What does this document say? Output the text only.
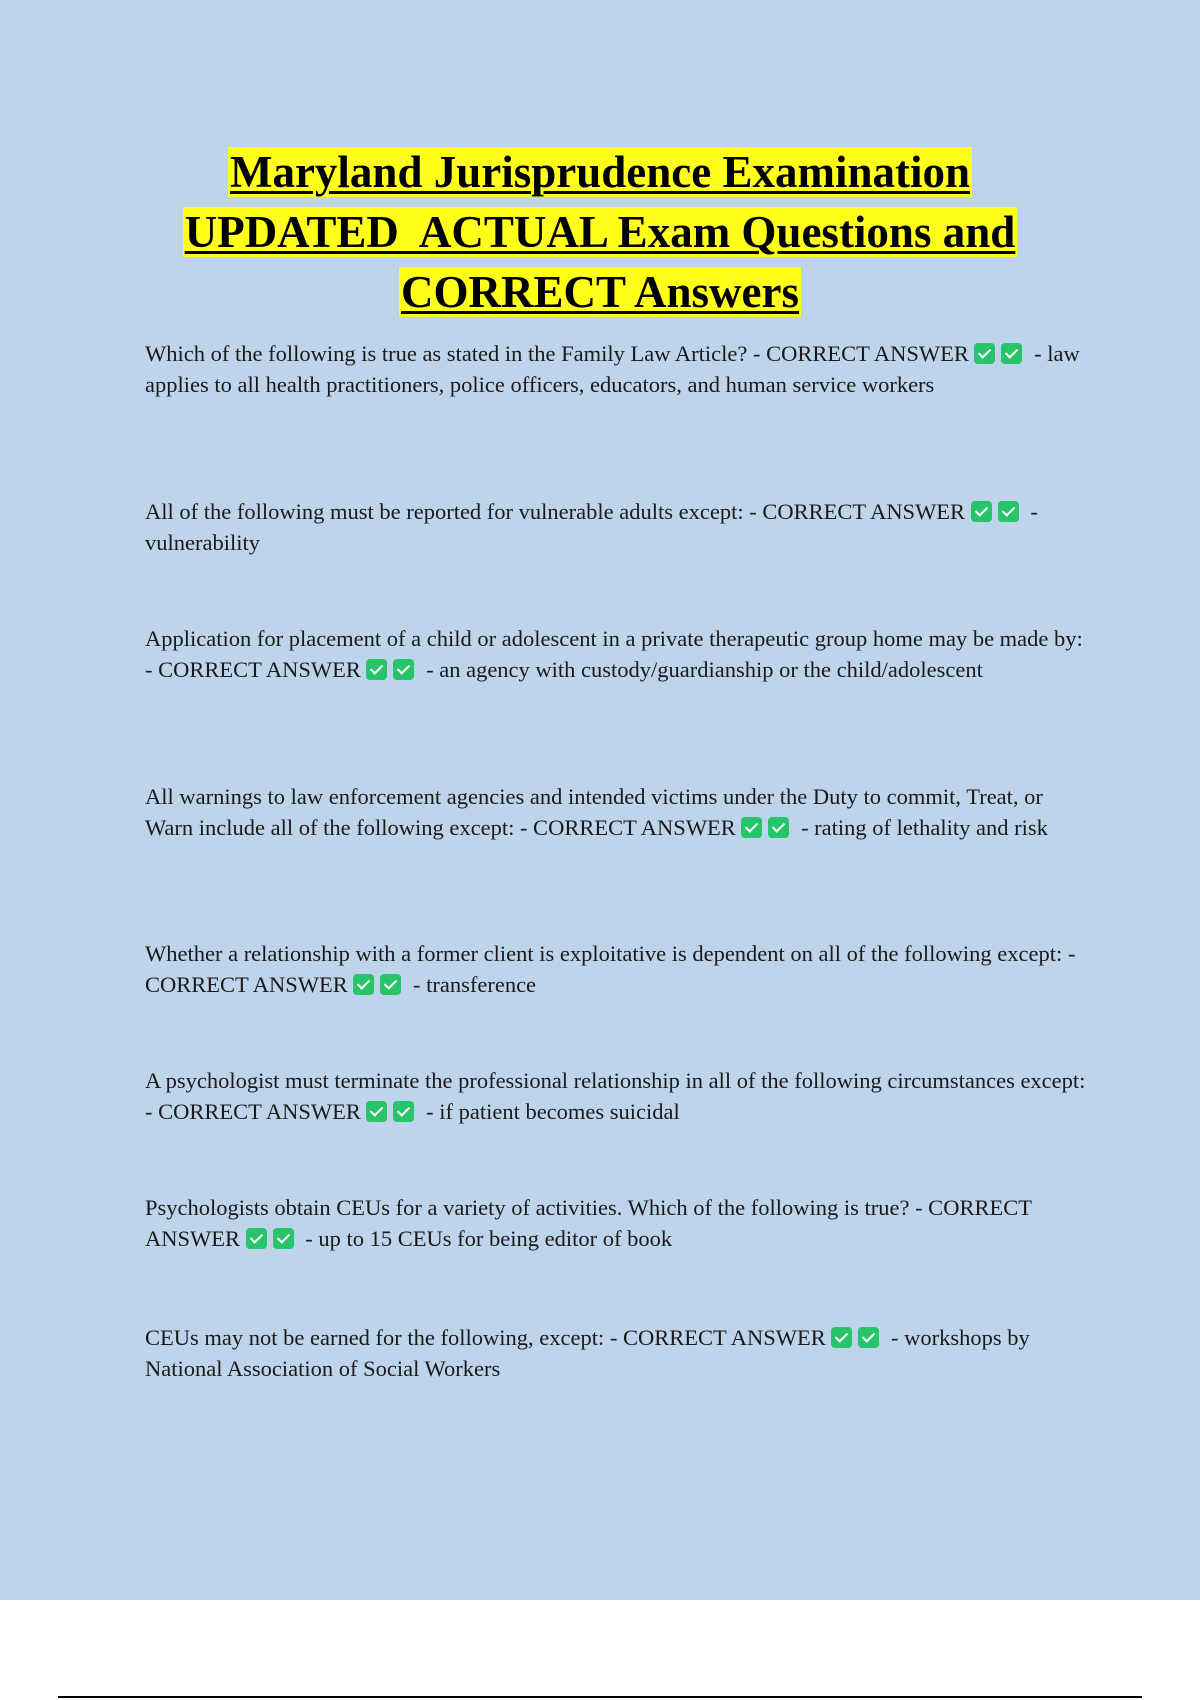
Maryland Jurisprudence Examination
UPDATED  ACTUAL Exam Questions and
CORRECT Answers
Which of the following is true as stated in the Family Law Article? - CORRECT ANSWER	- law applies to all health practitioners, police officers, educators, and human service workers
All of the following must be reported for vulnerable adults except: - CORRECT ANSWER	- vulnerability
Application for placement of a child or adolescent in a private therapeutic group home may be made by: - CORRECT ANSWER	- an agency with custody/guardianship or the child/adolescent
All warnings to law enforcement agencies and intended victims under the Duty to commit, Treat, or Warn include all of the following except: - CORRECT ANSWER	- rating of lethality and risk
Whether a relationship with a former client is exploitative is dependent on all of the following except: - CORRECT ANSWER	- transference
A psychologist must terminate the professional relationship in all of the following circumstances except: - CORRECT ANSWER	- if patient becomes suicidal
Psychologists obtain CEUs for a variety of activities. Which of the following is true? - CORRECT ANSWER	- up to 15 CEUs for being editor of book
CEUs may not be earned for the following, except: - CORRECT ANSWER	- workshops by National Association of Social Workers
